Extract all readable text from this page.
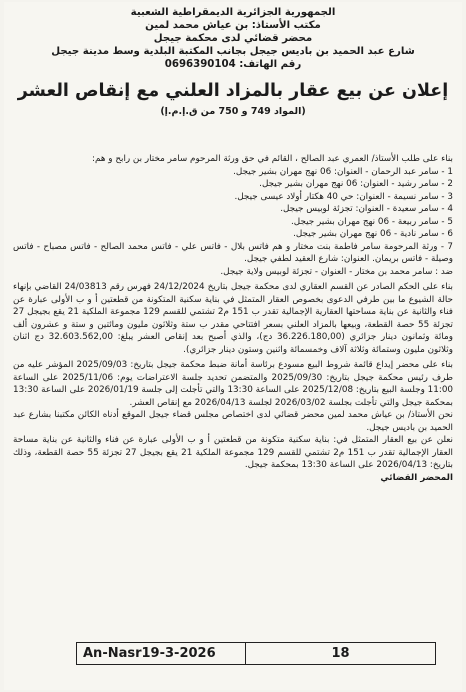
الجمهورية الجزائرية الديمقراطية الشعبية
مكتب الأستاذ: بن عياش محمد لمين
محضر قضائي لدى محكمة جيجل
شارع عبد الحميد بن باديس جيجل بجانب المكتبة البلدية وسط مدينة جيجل
رقم الهاتف: 0696390104
إعلان عن بيع عقار بالمزاد العلني مع إنقاص العشر
(المواد 749 و 750 من ق.إ.م.إ)

بناء على طلب الأستاذ/ العمري عبد الصالح ، القائم في حق ورثة المرحوم سامر مختار بن رابح و هم:

1 - سامر عبد الرحمان - العنوان: 06 نهج مهران بشير جيجل.

2 - سامر رشيد - العنوان: 06 نهج مهران بشير جيجل.

3 - سامر نسيمة - العنوان: حي 40 هكتار أولاد عيسى جيجل.

4 - سامر سعيدة - العنوان: تجزئة لوبيس جيجل.

5 - سامر ربيعة - 06 نهج مهران بشير جيجل.

6 - سامر نادية - 06 نهج مهران بشير جيجل.

7 - ورثة المرحومة سامر فاطمة بنت مختار و هم فاتس بلال - فاتس علي - فاتس محمد الصالح - فاتس مصباح - فاتس وصيلة - فاتس بريمان. العنوان: شارع العقيد لطفي جيجل.

ضد : سامر محمد بن مختار - العنوان - تجزئة لوبيس ولاية جيجل.

بناء على الحكم الصادر عن القسم العقاري لدى محكمة جيجل بتاريخ 24/12/2024 فهرس رقم 24/03813 القاضي بإنهاء حالة الشيوع ما بين طرفي الدعوى بخصوص العقار المتمثل في بناية سكنية المتكونة من قطعتين أ و ب الأولى عبارة عن فناء والثانية عن بناية مساحتها العقارية الإجمالية تقدر ب 151 م2 تشتمي للقسم 129 مجموعة الملكية 21 يقع بجيجل 27 تجزئة 55 حصة القطعة، وبيعها بالمزاد العلني بسعر افتتاحي مقدر ب ستة وثلاثون مليون ومائتين و ستة و عشرون ألف ومائة وثمانون دينار جزائري (36.226.180,00 دج)، والذي أصبح بعد إنقاص العشر يبلغ: 32.603.562,00 دج اثنان وثلاثون مليون وستمائة وثلاثة آلاف وخمسمائة واثنين وستون دينار جزائري).

بناء على محضر إيداع قائمة شروط البيع مسودع برئاسة أمانة ضبط محكمة جيجل بتاريخ: 2025/09/03 المؤشر عليه من طرف رئيس محكمة جيجل بتاريخ: 2025/09/30 والمتضمن تحديد جلسة الاعتراضات يوم: 2025/11/06 على الساعة 11:00 وجلسة البيع بتاريخ: 2025/12/08 على الساعة 13:30 والتي تأجلت إلى جلسة 2026/01/19 على الساعة 13:30 بمحكمة جيجل والتي تأجلت بجلسة 2026/03/02 لجلسة 2026/04/13 مع إنقاص العشر.

نحن الأستاذ/ بن عياش محمد لمين محضر قضائي لدى اختصاص مجلس قضاء جيجل الموقع أدناه الكائن مكتبنا بشارع عبد الحميد بن باديس جيجل.

نعلن عن بيع العقار المتمثل في: بناية سكنية متكونة من قطعتين أ و ب الأولى عبارة عن فناء والثانية عن بناية مساحة العقار الإجمالية تقدر ب 151 م2 تشتمي للقسم 129 مجموعة الملكية 21 يقع بجيجل 27 تجزئة 55 حصة القطعة، وذلك بتاريخ: 2026/04/13 على الساعة 13:30 بمحكمة جيجل.

المحضر القضائي

An-Nasr19-3-2026	18
